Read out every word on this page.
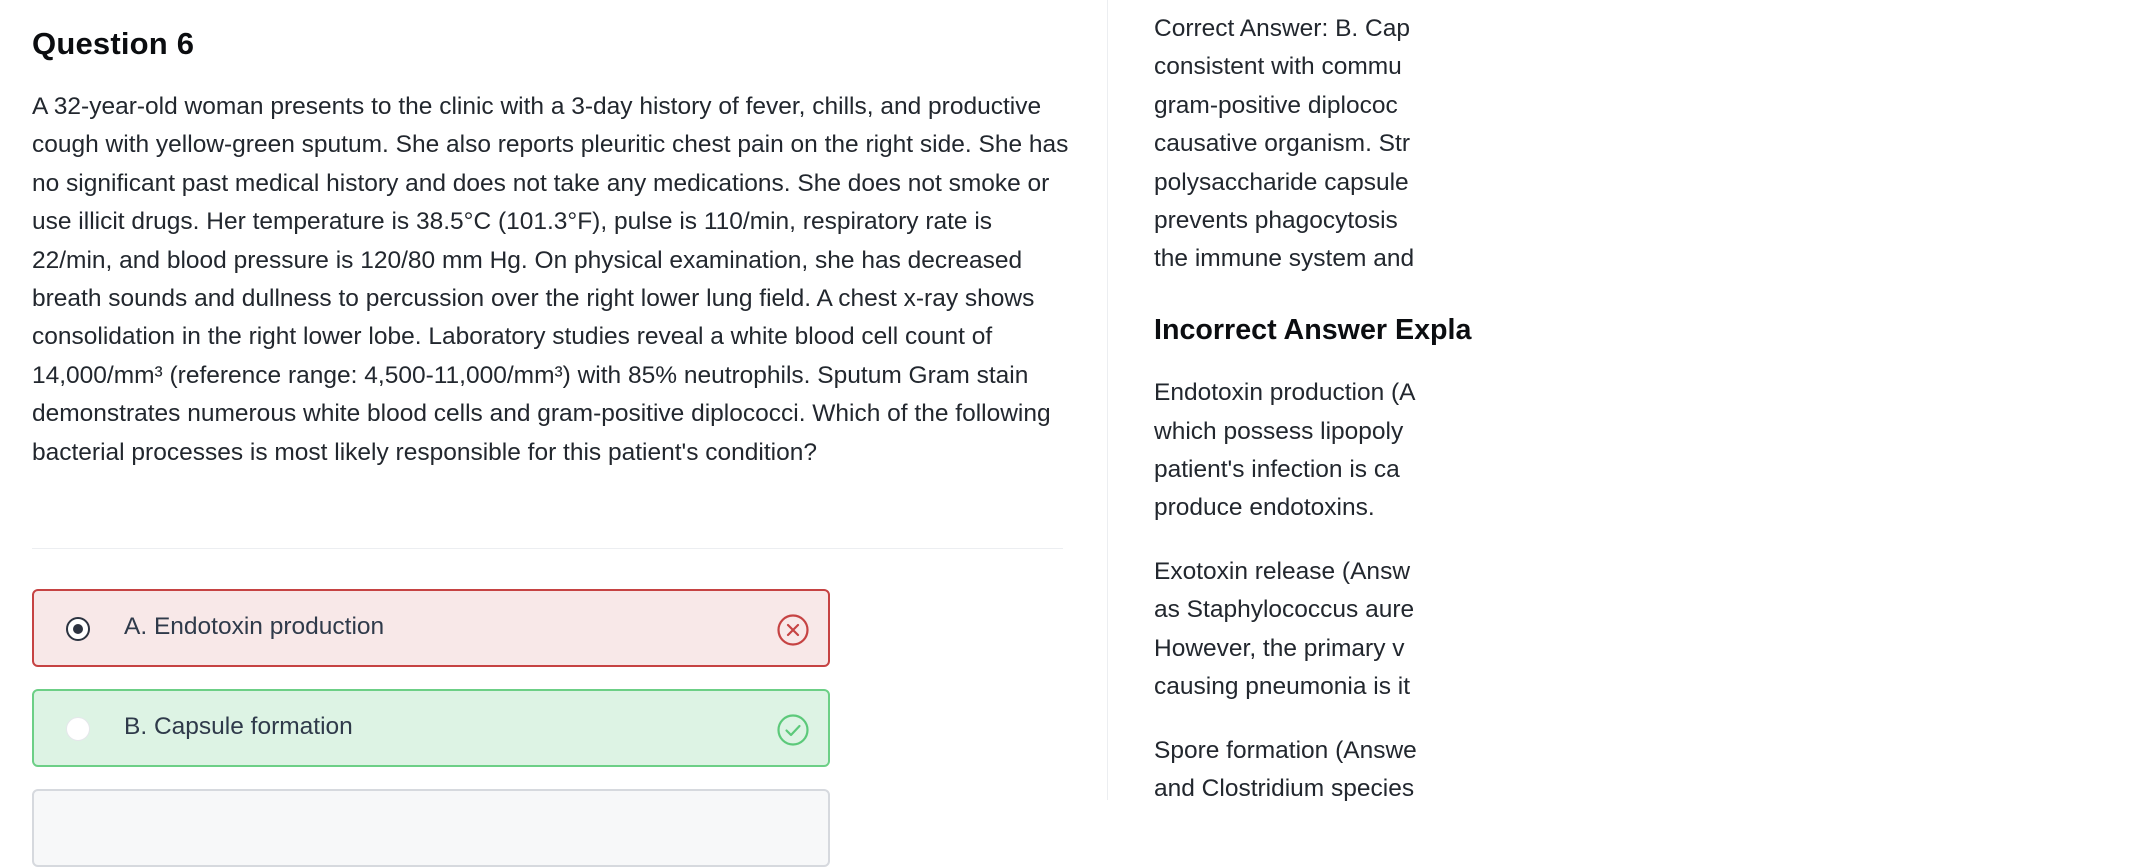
Question 6

A 32-year-old woman presents to the clinic with a 3-day history of fever, chills, and productive cough with yellow-green sputum. She also reports pleuritic chest pain on the right side. She has no significant past medical history and does not take any medications. She does not smoke or use illicit drugs. Her temperature is 38.5°C (101.3°F), pulse is 110/min, respiratory rate is 22/min, and blood pressure is 120/80 mm Hg. On physical examination, she has decreased breath sounds and dullness to percussion over the right lower lung field. A chest x-ray shows consolidation in the right lower lobe. Laboratory studies reveal a white blood cell count of 14,000/mm³ (reference range: 4,500-11,000/mm³) with 85% neutrophils. Sputum Gram stain demonstrates numerous white blood cells and gram-positive diplococci. Which of the following bacterial processes is most likely responsible for this patient's condition?

A. Endotoxin production
B. Capsule formation

Correct Answer: B. Cap
consistent with commu
gram-positive diplococ
causative organism. Str
polysaccharide capsule
prevents phagocytosis
the immune system and

Incorrect Answer Expla

Endotoxin production (A
which possess lipopoly
patient's infection is ca
produce endotoxins.

Exotoxin release (Answ
as Staphylococcus aure
However, the primary v
causing pneumonia is it

Spore formation (Answe
and Clostridium species
